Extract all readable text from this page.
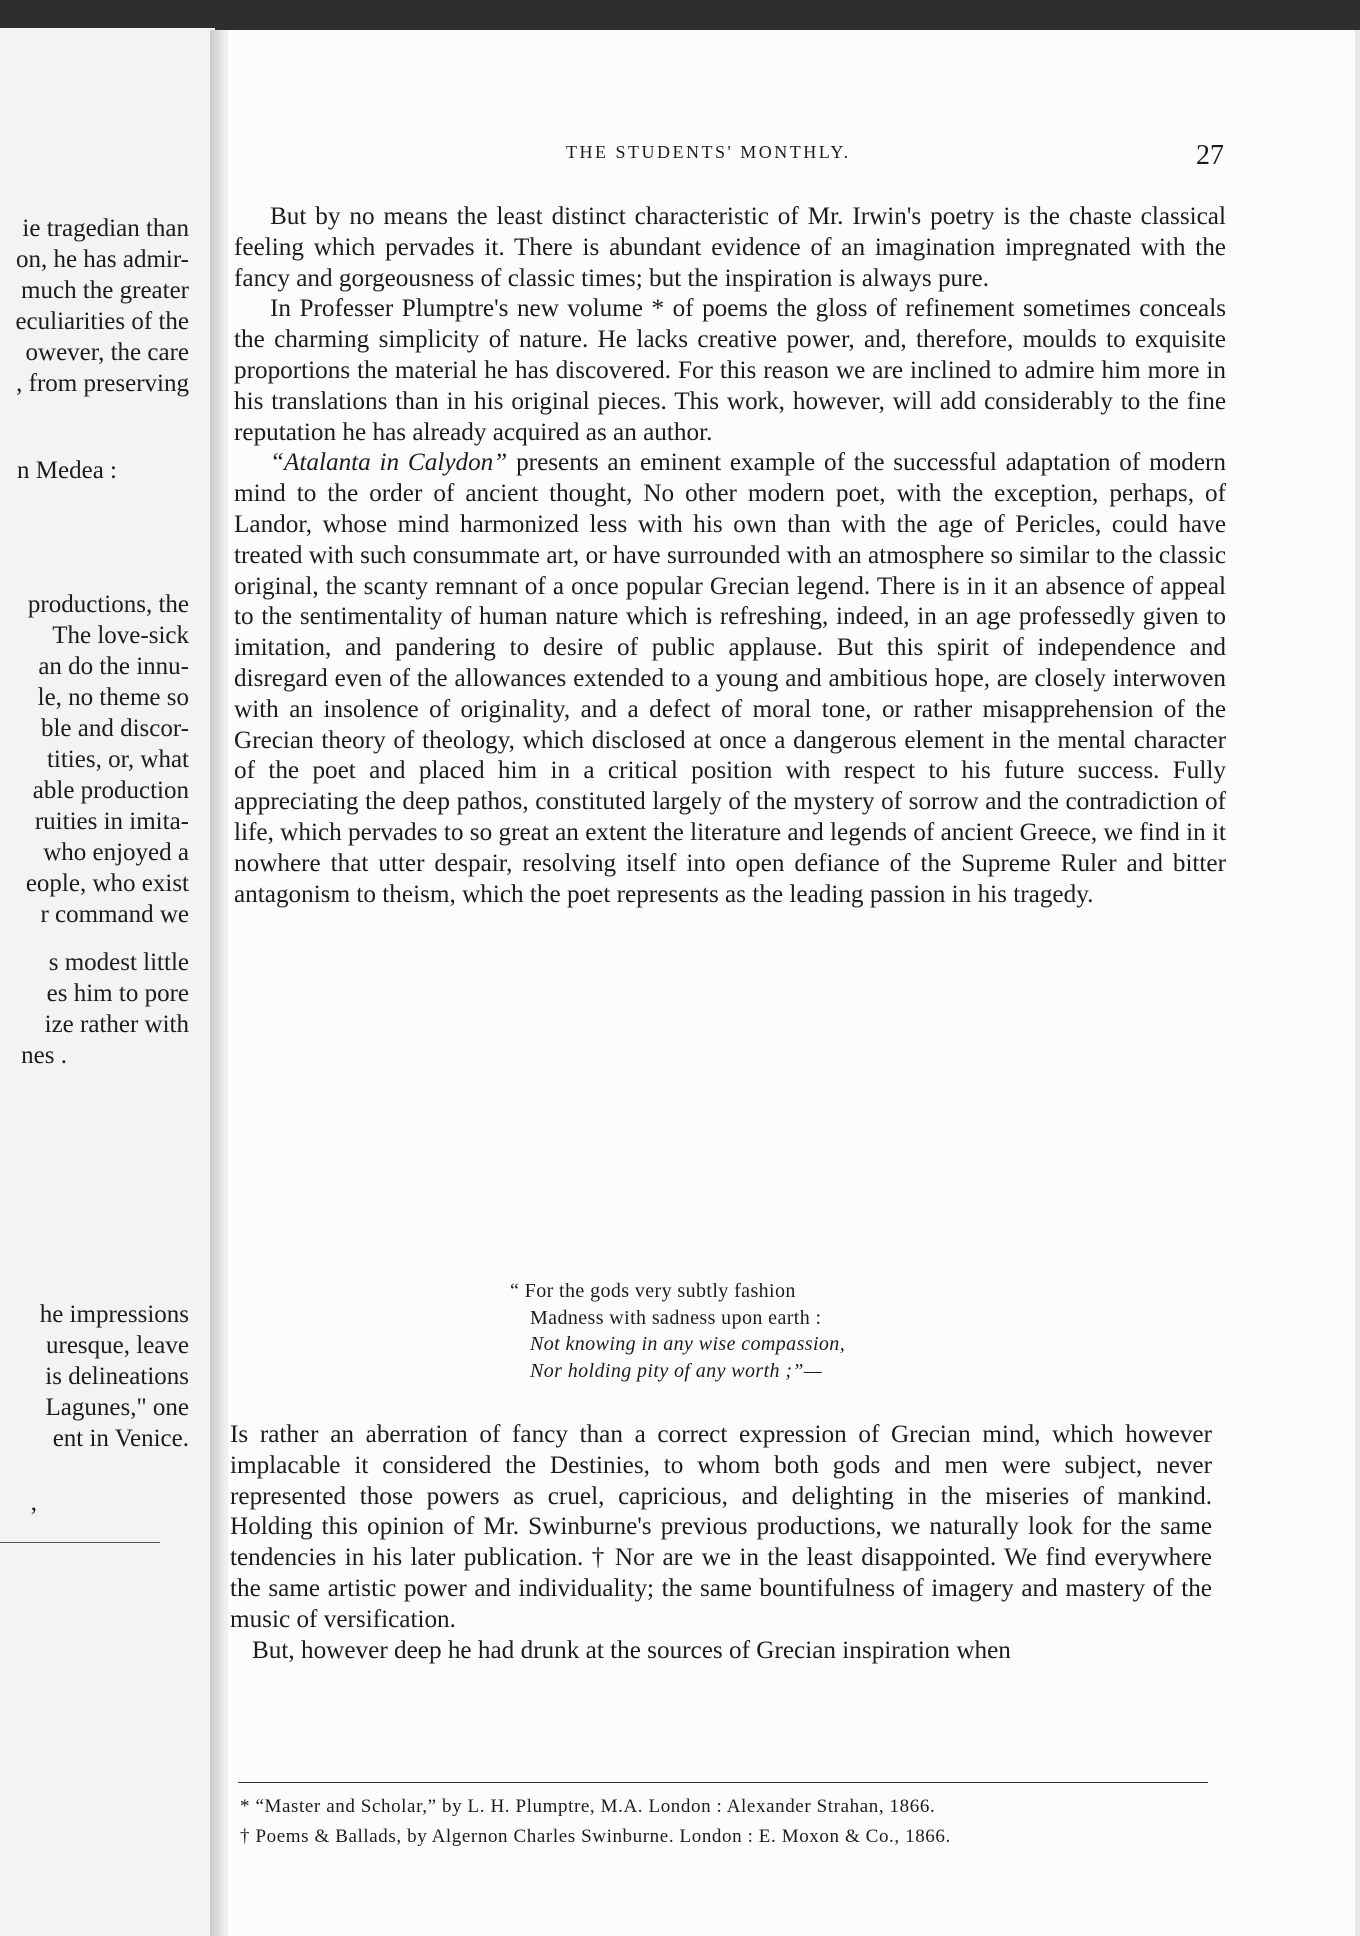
ie tragedian than
on, he has admir-
much the greater
eculiarities of the
owever, the care
, from preserving
n Medea :
productions, the
The love-sick
an do the innu-
le, no theme so
ble and discor-
tities, or, what
able production
ruities in imita-
who enjoyed a
eople, who exist
r command we
s modest little
es him to pore
ize rather with
nes .
he impressions
uresque, leave
is delineations
Lagunes," one
ent in Venice.
,
THE STUDENTS' MONTHLY.	27

But by no means the least distinct characteristic of Mr. Irwin's poetry is the chaste classical feeling which pervades it. There is abundant evidence of an imagination impregnated with the fancy and gorgeousness of classic times; but the inspiration is always pure.

In Professer Plumptre's new volume * of poems the gloss of refinement sometimes conceals the charming simplicity of nature. He lacks creative power, and, therefore, moulds to exquisite proportions the material he has discovered. For this reason we are inclined to admire him more in his translations than in his original pieces. This work, however, will add considerably to the fine reputation he has already acquired as an author.

“Atalanta in Calydon” presents an eminent example of the successful adaptation of modern mind to the order of ancient thought, No other modern poet, with the exception, perhaps, of Landor, whose mind harmonized less with his own than with the age of Pericles, could have treated with such consummate art, or have surrounded with an atmosphere so similar to the classic original, the scanty remnant of a once popular Grecian legend. There is in it an absence of appeal to the sentimentality of human nature which is refreshing, indeed, in an age professedly given to imitation, and pandering to desire of public applause. But this spirit of independence and disregard even of the allowances extended to a young and ambitious hope, are closely interwoven with an insolence of originality, and a defect of moral tone, or rather misapprehension of the Grecian theory of theology, which disclosed at once a dangerous element in the mental character of the poet and placed him in a critical position with respect to his future success. Fully appreciating the deep pathos, constituted largely of the mystery of sorrow and the contradiction of life, which pervades to so great an extent the literature and legends of ancient Greece, we find in it nowhere that utter despair, resolving itself into open defiance of the Supreme Ruler and bitter antagonism to theism, which the poet represents as the leading passion in his tragedy.

“ For the gods very subtly fashion
Madness with sadness upon earth :
Not knowing in any wise compassion,
Nor holding pity of any worth ;”—

Is rather an aberration of fancy than a correct expression of Grecian mind, which however implacable it considered the Destinies, to whom both gods and men were subject, never represented those powers as cruel, capricious, and delighting in the miseries of mankind. Holding this opinion of Mr. Swinburne's previous productions, we naturally look for the same tendencies in his later publication. † Nor are we in the least disappointed. We find everywhere the same artistic power and individuality; the same bountifulness of imagery and mastery of the music of versification.

But, however deep he had drunk at the sources of Grecian inspiration when

* “Master and Scholar,” by L. H. Plumptre, M.A. London : Alexander Strahan, 1866.
† Poems & Ballads, by Algernon Charles Swinburne. London : E. Moxon & Co., 1866.
